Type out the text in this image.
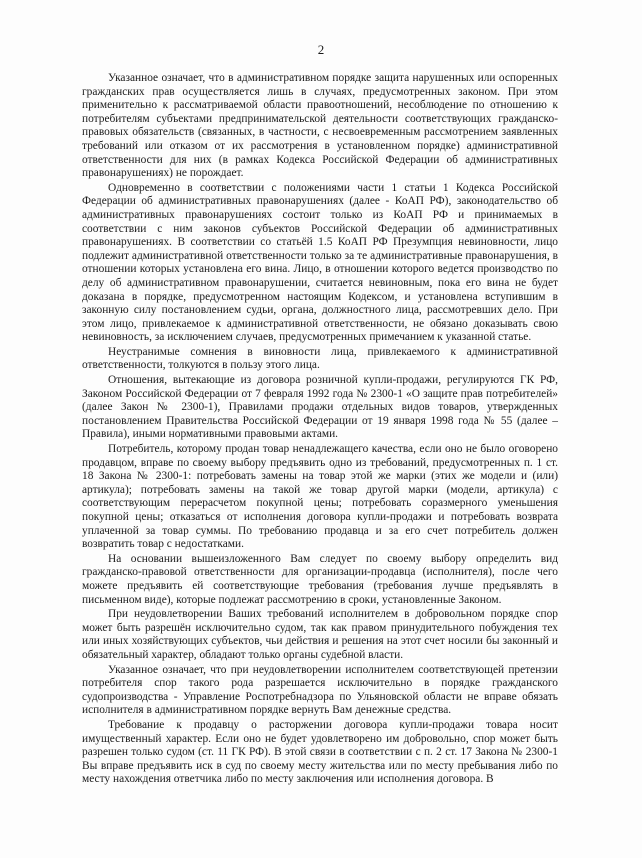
2

Указанное означает, что в административном порядке защита нарушенных или оспоренных гражданских прав осуществляется лишь в случаях, предусмотренных законом. При этом применительно к рассматриваемой области правоотношений, несоблюдение по отношению к потребителям субъектами предпринимательской деятельности соответствующих гражданско-правовых обязательств (связанных, в частности, с несвоевременным рассмотрением заявленных требований или отказом от их рассмотрения в установленном порядке) административной ответственности для них (в рамках Кодекса Российской Федерации об административных правонарушениях) не порождает.

Одновременно в соответствии с положениями части 1 статьи 1 Кодекса Российской Федерации об административных правонарушениях (далее - КоАП РФ), законодательство об административных правонарушениях состоит только из КоАП РФ и принимаемых в соответствии с ним законов субъектов Российской Федерации об административных правонарушениях. В соответствии со статьёй 1.5 КоАП РФ Презумпция невиновности, лицо подлежит административной ответственности только за те административные правонарушения, в отношении которых установлена его вина. Лицо, в отношении которого ведется производство по делу об административном правонарушении, считается невиновным, пока его вина не будет доказана в порядке, предусмотренном настоящим Кодексом, и установлена вступившим в законную силу постановлением судьи, органа, должностного лица, рассмотревших дело. При этом лицо, привлекаемое к административной ответственности, не обязано доказывать свою невиновность, за исключением случаев, предусмотренных примечанием к указанной статье.

Неустранимые сомнения в виновности лица, привлекаемого к административной ответственности, толкуются в пользу этого лица.

Отношения, вытекающие из договора розничной купли-продажи, регулируются ГК РФ, Законом Российской Федерации от 7 февраля 1992 года № 2300-1 «О защите прав потребителей» (далее Закон № 2300-1), Правилами продажи отдельных видов товаров, утвержденных постановлением Правительства Российской Федерации от 19 января 1998 года № 55 (далее – Правила), иными нормативными правовыми актами.

Потребитель, которому продан товар ненадлежащего качества, если оно не было оговорено продавцом, вправе по своему выбору предъявить одно из требований, предусмотренных п. 1 ст. 18 Закона № 2300-1: потребовать замены на товар этой же марки (этих же модели и (или) артикула); потребовать замены на такой же товар другой марки (модели, артикула) с соответствующим перерасчетом покупной цены; потребовать соразмерного уменьшения покупной цены; отказаться от исполнения договора купли-продажи и потребовать возврата уплаченной за товар суммы. По требованию продавца и за его счет потребитель должен возвратить товар с недостатками.

На основании вышеизложенного Вам следует по своему выбору определить вид гражданско-правовой ответственности для организации-продавца (исполнителя), после чего можете предъявить ей соответствующие требования (требования лучше предъявлять в письменном виде), которые подлежат рассмотрению в сроки, установленные Законом.

При неудовлетворении Ваших требований исполнителем в добровольном порядке спор может быть разрешён исключительно судом, так как правом принудительного побуждения тех или иных хозяйствующих субъектов, чьи действия и решения на этот счет носили бы законный и обязательный характер, обладают только органы судебной власти.

Указанное означает, что при неудовлетворении исполнителем соответствующей претензии потребителя спор такого рода разрешается исключительно в порядке гражданского судопроизводства - Управление Роспотребнадзора по Ульяновской области не вправе обязать исполнителя в административном порядке вернуть Вам денежные средства.

Требование к продавцу о расторжении договора купли-продажи товара носит имущественный характер. Если оно не будет удовлетворено им добровольно, спор может быть разрешен только судом (ст. 11 ГК РФ). В этой связи в соответствии с п. 2 ст. 17 Закона № 2300-1 Вы вправе предъявить иск в суд по своему месту жительства или по месту пребывания либо по месту нахождения ответчика либо по месту заключения или исполнения договора. В
